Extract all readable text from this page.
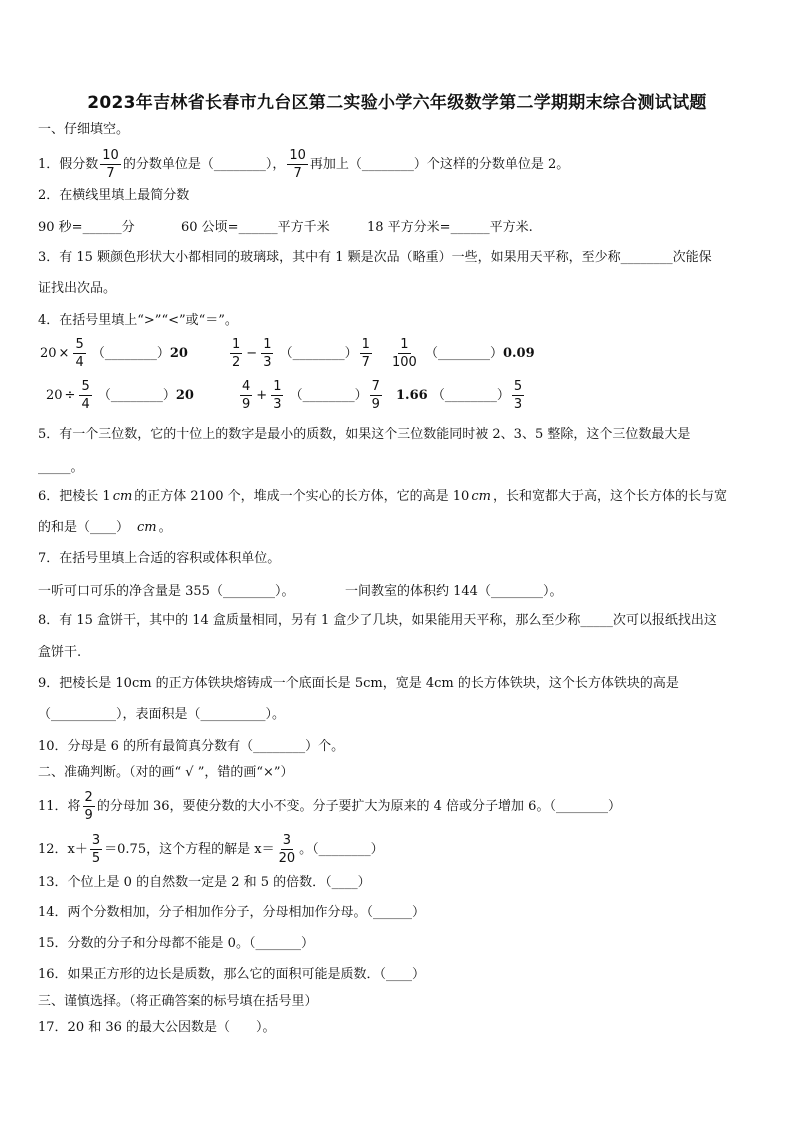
2023年吉林省长春市九台区第二实验小学六年级数学第二学期期末综合测试试题
一、仔细填空。
1．假分数 $\frac{10}{7}$ 的分数单位是（________）， $\frac{10}{7}$ 再加上（________）个这样的分数单位是 2。
2．在横线里填上最简分数
90 秒=______分	60 公顷=______平方千米	18 平方分米=______平方米.
3．有 15 颗颜色形状大小都相同的玻璃球，其中有 1 颗是次品（略重）一些，如果用天平称，至少称________次能保
证找出次品。
4．在括号里填上“>”“<”或“＝”。
$20 \times \frac{5}{4}$ （________）20	$\frac{1}{2} - \frac{1}{3}$ （________） $\frac{1}{7} \frac{1}{100}$ （________）0.09
$20 \div \frac{5}{4}$ （________）20	$\frac{4}{9} + \frac{1}{3}$ （________） $\frac{7}{9} 1.66$ （________） $\frac{5}{3}$
5．有一个三位数，它的十位上的数字是最小的质数，如果这个三位数能同时被 2、3、5 整除，这个三位数最大是
_____。
6．把棱长 1 cm 的正方体 2100 个，堆成一个实心的长方体，它的高是 10 cm ，长和宽都大于高，这个长方体的长与宽
的和是（____） cm 。
7．在括号里填上合适的容积或体积单位。
一听可口可乐的净含量是 355（________）。	一间教室的体积约 144（________）。
8．有 15 盒饼干，其中的 14 盒质量相同，另有 1 盒少了几块，如果能用天平称，那么至少称_____次可以报纸找出这
盒饼干.
9．把棱长是 10cm 的正方体铁块熔铸成一个底面长是 5cm，宽是 4cm 的长方体铁块，这个长方体铁块的高是
（__________），表面积是（__________）。
10．分母是 6 的所有最简真分数有（________）个。
二、准确判断。（对的画“ √ ”，错的画“×”）
11．将 $\frac{2}{9}$ 的分母加 36，要使分数的大小不变。分子要扩大为原来的 4 倍或分子增加 6。（________）
12．$x+ \frac{3}{5} =0.75$，这个方程的解是 $x= \frac{3}{20}$ 。（________）
13．个位上是 0 的自然数一定是 2 和 5 的倍数．（____）
14．两个分数相加，分子相加作分子，分母相加作分母。（______）
15．分数的分子和分母都不能是 0。（_______）
16．如果正方形的边长是质数，那么它的面积可能是质数．（____）
三、谨慎选择。（将正确答案的标号填在括号里）
17．20 和 36 的最大公因数是（　　）。
